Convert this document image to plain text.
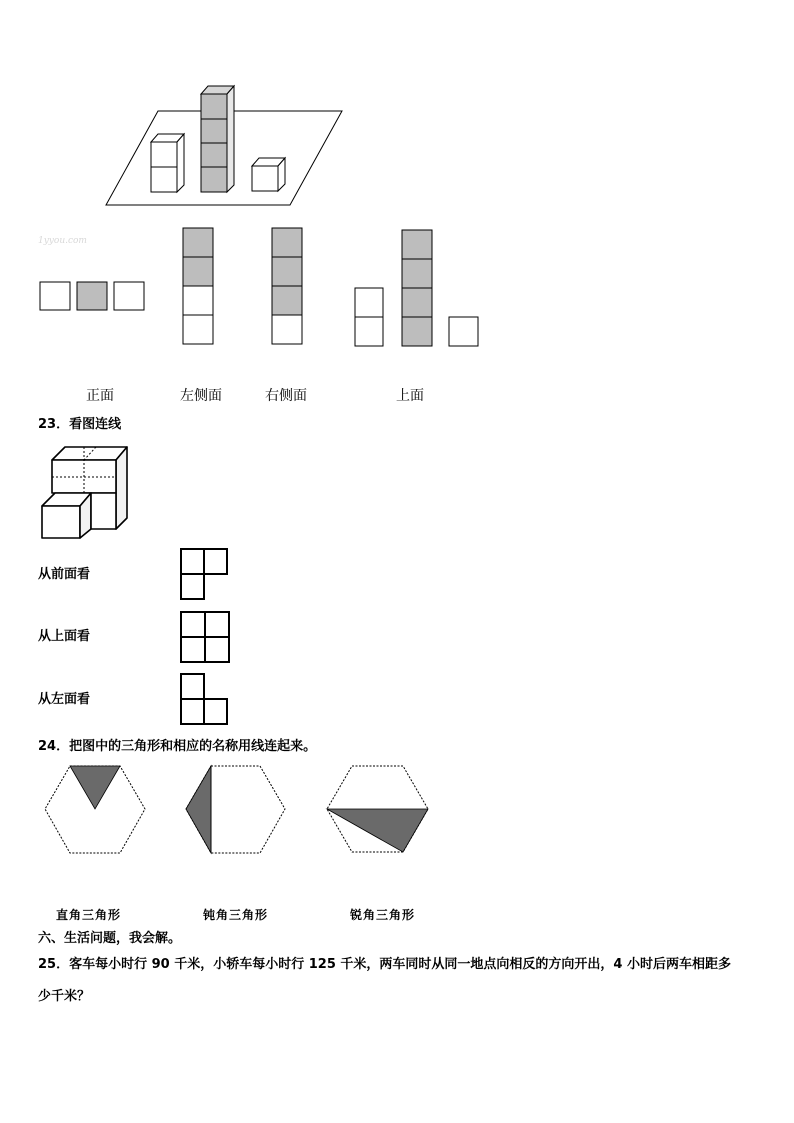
1yyou.com
正面	左侧面	右侧面	上面
23．看图连线
从前面看
从上面看
从左面看
24．把图中的三角形和相应的名称用线连起来。
直角三角形	钝角三角形	锐角三角形
六、生活问题，我会解。
25．客车每小时行 90 千米，小轿车每小时行 125 千米，两车同时从同一地点向相反的方向开出，4 小时后两车相距多
少千米？
